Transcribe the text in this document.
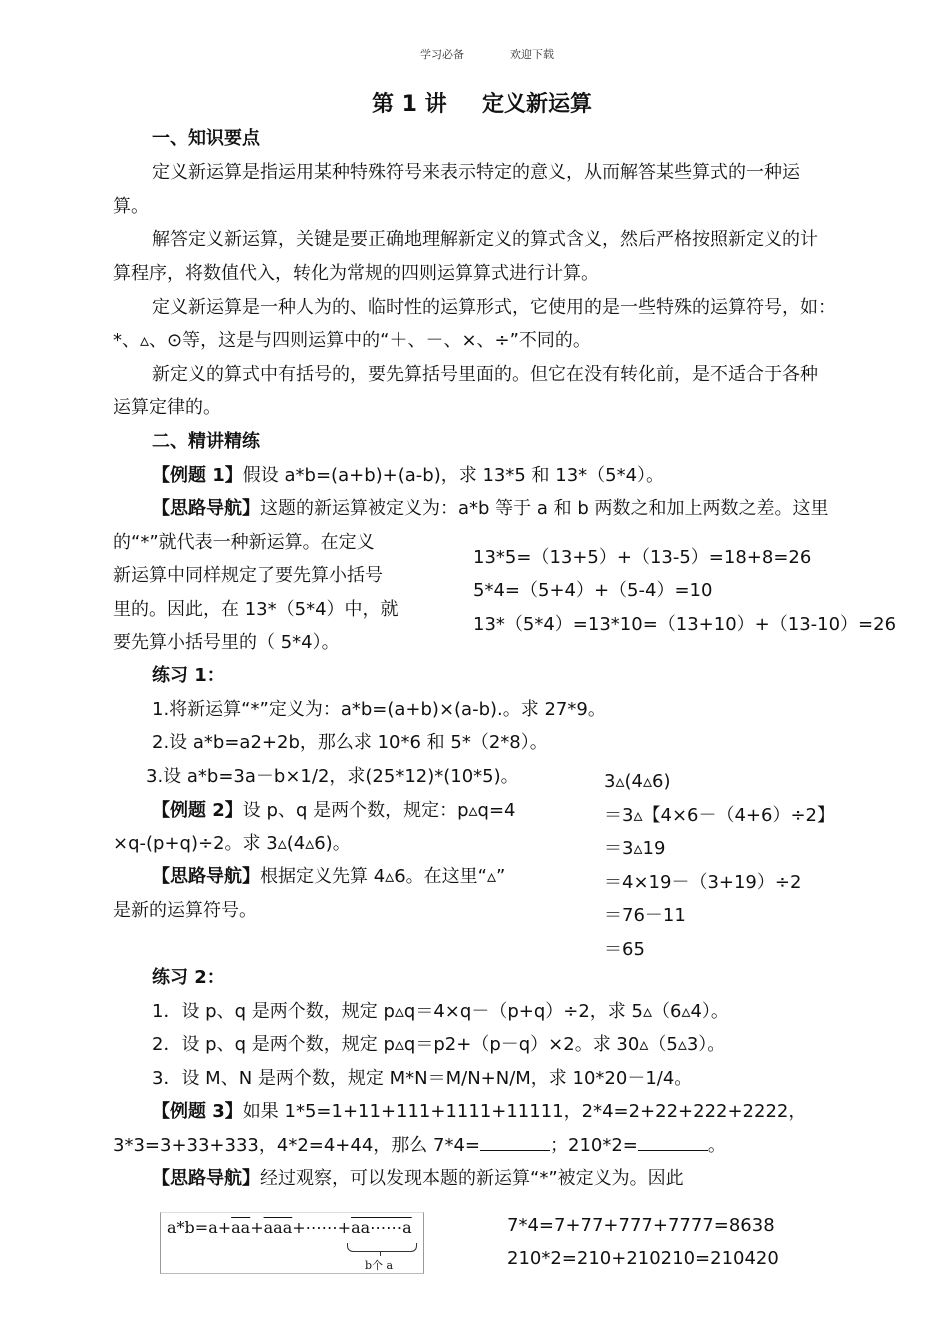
学习必备	欢迎下载
第 1 讲 定义新运算
一、知识要点
定义新运算是指运用某种特殊符号来表示特定的意义，从而解答某些算式的一种运
算。
解答定义新运算，关键是要正确地理解新定义的算式含义，然后严格按照新定义的计
算程序，将数值代入，转化为常规的四则运算算式进行计算。
定义新运算是一种人为的、临时性的运算形式，它使用的是一些特殊的运算符号，如：
*、▵、⊙等，这是与四则运算中的“＋、－、×、÷”不同的。
新定义的算式中有括号的，要先算括号里面的。但它在没有转化前，是不适合于各种
运算定律的。
二、精讲精练
【例题 1】假设 a*b=(a+b)+(a-b)，求 13*5 和 13*（5*4）。
【思路导航】这题的新运算被定义为：a*b 等于 a 和 b 两数之和加上两数之差。这里
的“*”就代表一种新运算。在定义
新运算中同样规定了要先算小括号
里的。因此，在 13*（5*4）中，就
要先算小括号里的（ 5*4）。
13*5=（13+5）+（13-5）=18+8=26
5*4=（5+4）+（5-4）=10
13*（5*4）=13*10=（13+10）+（13-10）=26
练习 1：
1.将新运算“*”定义为：a*b=(a+b)×(a-b).。求 27*9。
2.设 a*b=a2+2b，那么求 10*6 和 5*（2*8）。
3.设 a*b=3a－b×1/2，求(25*12)*(10*5)。
【例题 2】设 p、q 是两个数，规定：p▵q=4
×q-(p+q)÷2。求 3▵(4▵6)。
【思路导航】根据定义先算 4▵6。在这里“▵”
是新的运算符号。
3▵(4▵6)
＝3▵【4×6－（4+6）÷2】
＝3▵19
＝4×19－（3+19）÷2
＝76－11
＝65
练习 2：
1．设 p、q 是两个数，规定 p▵q＝4×q－（p+q）÷2，求 5▵（6▵4）。
2．设 p、q 是两个数，规定 p▵q＝p2+（p－q）×2。求 30▵（5▵3）。
3．设 M、N 是两个数，规定 M*N＝M/N+N/M，求 10*20－1/4。
【例题 3】如果 1*5=1+11+111+1111+11111，2*4=2+22+222+2222，
3*3=3+33+333，4*2=4+44，那么 7*4=	；210*2=	。
【思路导航】经过观察，可以发现本题的新运算“*”被定义为。因此
$a*b=a+\overline{aa}+\overline{aaa}+\cdots\cdots+aa\cdots\cdots a$
b个 a
7*4=7+77+777+7777=8638
210*2=210+210210=210420
